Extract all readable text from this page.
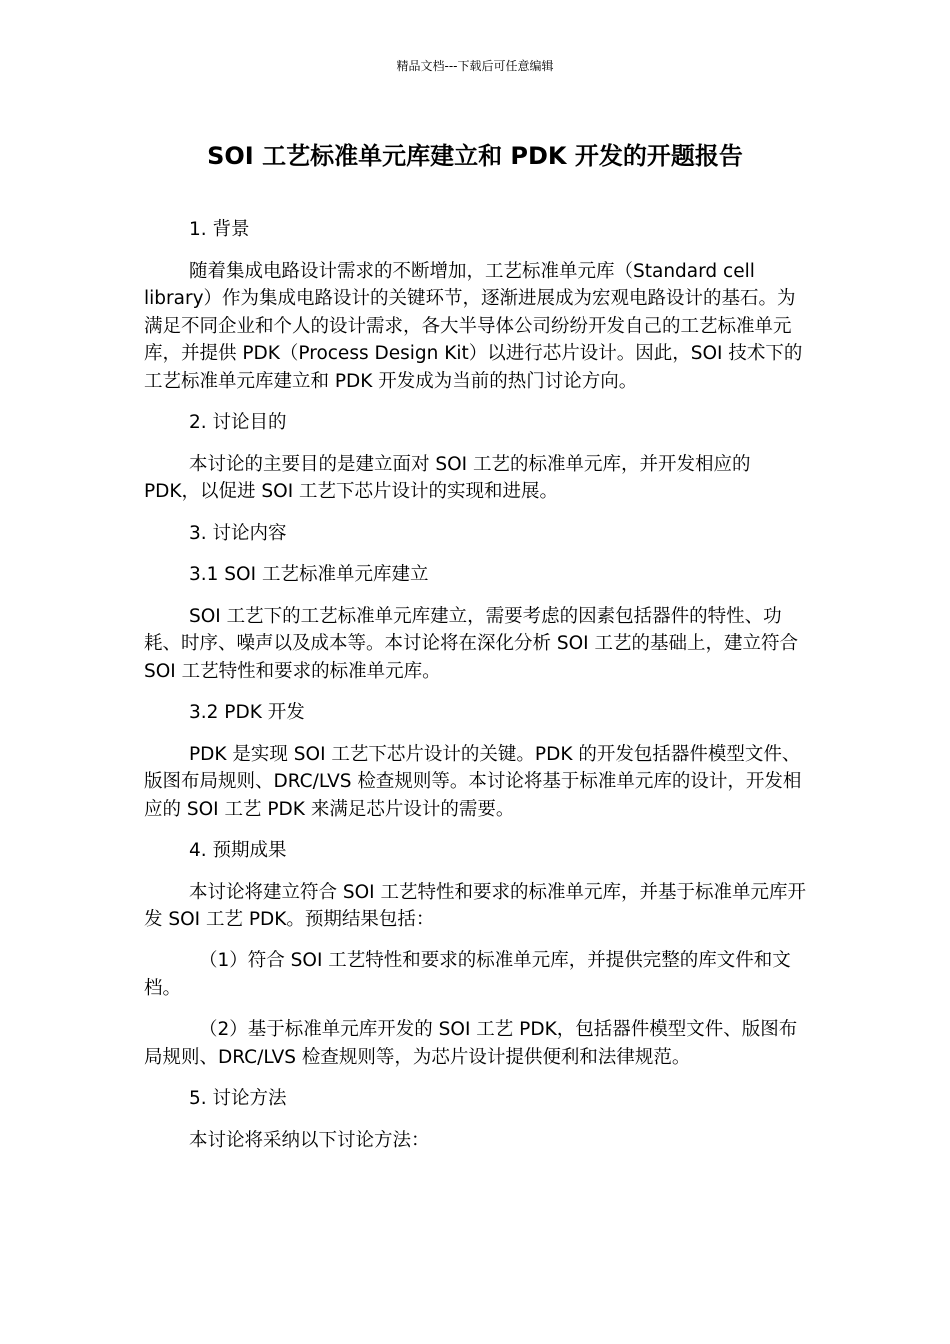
精品文档---下载后可任意编辑
SOI 工艺标准单元库建立和 PDK 开发的开题报告

1. 背景

随着集成电路设计需求的不断增加，工艺标准单元库（Standard cell library）作为集成电路设计的关键环节，逐渐进展成为宏观电路设计的基石。为满足不同企业和个人的设计需求，各大半导体公司纷纷开发自己的工艺标准单元库，并提供 PDK（Process Design Kit）以进行芯片设计。因此，SOI 技术下的工艺标准单元库建立和 PDK 开发成为当前的热门讨论方向。

2. 讨论目的

本讨论的主要目的是建立面对 SOI 工艺的标准单元库，并开发相应的 PDK，以促进 SOI 工艺下芯片设计的实现和进展。

3. 讨论内容

3.1 SOI 工艺标准单元库建立

SOI 工艺下的工艺标准单元库建立，需要考虑的因素包括器件的特性、功耗、时序、噪声以及成本等。本讨论将在深化分析 SOI 工艺的基础上，建立符合 SOI 工艺特性和要求的标准单元库。

3.2 PDK 开发

PDK 是实现 SOI 工艺下芯片设计的关键。PDK 的开发包括器件模型文件、版图布局规则、DRC/LVS 检查规则等。本讨论将基于标准单元库的设计，开发相应的 SOI 工艺 PDK 来满足芯片设计的需要。

4. 预期成果

本讨论将建立符合 SOI 工艺特性和要求的标准单元库，并基于标准单元库开发 SOI 工艺 PDK。预期结果包括：

（1）符合 SOI 工艺特性和要求的标准单元库，并提供完整的库文件和文档。

（2）基于标准单元库开发的 SOI 工艺 PDK，包括器件模型文件、版图布局规则、DRC/LVS 检查规则等，为芯片设计提供便利和法律规范。

5. 讨论方法

本讨论将采纳以下讨论方法：
